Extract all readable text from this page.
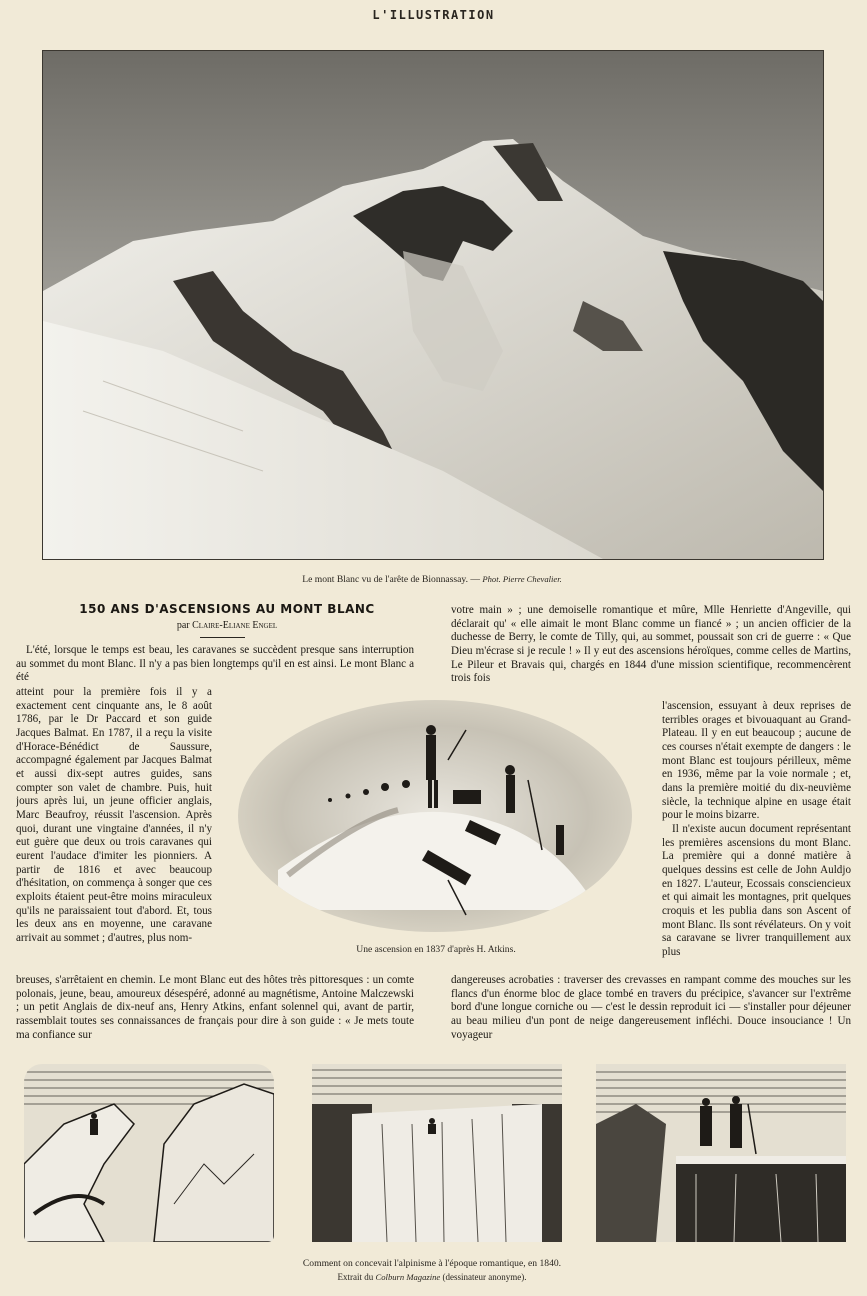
L'ILLUSTRATION
Le mont Blanc vu de l'arête de Bionnassay. — Phot. Pierre Chevalier.
150 ANS D'ASCENSIONS AU MONT BLANC
par Claire-Eliane Engel

L'été, lorsque le temps est beau, les caravanes se succèdent presque sans interruption au sommet du mont Blanc. Il n'y a pas bien longtemps qu'il en est ainsi. Le mont Blanc a été

atteint pour la première fois il y a exactement cent cinquante ans, le 8 août 1786, par le Dr Paccard et son guide Jacques Balmat. En 1787, il a reçu la visite d'Horace-Bénédict de Saussure, accompagné également par Jacques Balmat et aussi dix-sept autres guides, sans compter son valet de chambre. Puis, huit jours après lui, un jeune officier anglais, Marc Beaufroy, réussit l'ascension. Après quoi, durant une vingtaine d'années, il n'y eut guère que deux ou trois caravanes qui eurent l'audace d'imiter les pionniers. A partir de 1816 et avec beaucoup d'hésitation, on commença à songer que ces exploits étaient peut-être moins miraculeux qu'ils ne paraissaient tout d'abord. Et, tous les deux ans en moyenne, une caravane arrivait au sommet ; d'autres, plus nom-

breuses, s'arrêtaient en chemin. Le mont Blanc eut des hôtes très pittoresques : un comte polonais, jeune, beau, amoureux désespéré, adonné au magnétisme, Antoine Malczewski ; un petit Anglais de dix-neuf ans, Henry Atkins, enfant solennel qui, avant de partir, rassemblait toutes ses connaissances de français pour dire à son guide : « Je mets toute ma confiance sur

Une ascension en 1837 d'après H. Atkins.

votre main » ; une demoiselle romantique et mûre, Mlle Henriette d'Angeville, qui déclarait qu' « elle aimait le mont Blanc comme un fiancé » ; un ancien officier de la duchesse de Berry, le comte de Tilly, qui, au sommet, poussait son cri de guerre : « Que Dieu m'écrase si je recule ! » Il y eut des ascensions héroïques, comme celles de Martins, Le Pileur et Bravais qui, chargés en 1844 d'une mission scientifique, recommencèrent trois fois

l'ascension, essuyant à deux reprises de terribles orages et bivouaquant au Grand-Plateau. Il y en eut beaucoup ; aucune de ces courses n'était exempte de dangers : le mont Blanc est toujours périlleux, même en 1936, même par la voie normale ; et, dans la première moitié du dix-neuvième siècle, la technique alpine en usage était pour le moins bizarre.

Il n'existe aucun document représentant les premières ascensions du mont Blanc. La première qui a donné matière à quelques dessins est celle de John Auldjo en 1827. L'auteur, Ecossais consciencieux et qui aimait les montagnes, prit quelques croquis et les publia dans son Ascent of mont Blanc. Ils sont révélateurs. On y voit sa caravane se livrer tranquillement aux plus

dangereuses acrobaties : traverser des crevasses en rampant comme des mouches sur les flancs d'un énorme bloc de glace tombé en travers du précipice, s'avancer sur l'extrême bord d'une longue corniche ou — c'est le dessin reproduit ici — s'installer pour déjeuner au beau milieu d'un pont de neige dangereusement infléchi. Douce insouciance ! Un voyageur

Comment on concevait l'alpinisme à l'époque romantique, en 1840.
Extrait du Colburn Magazine (dessinateur anonyme).
